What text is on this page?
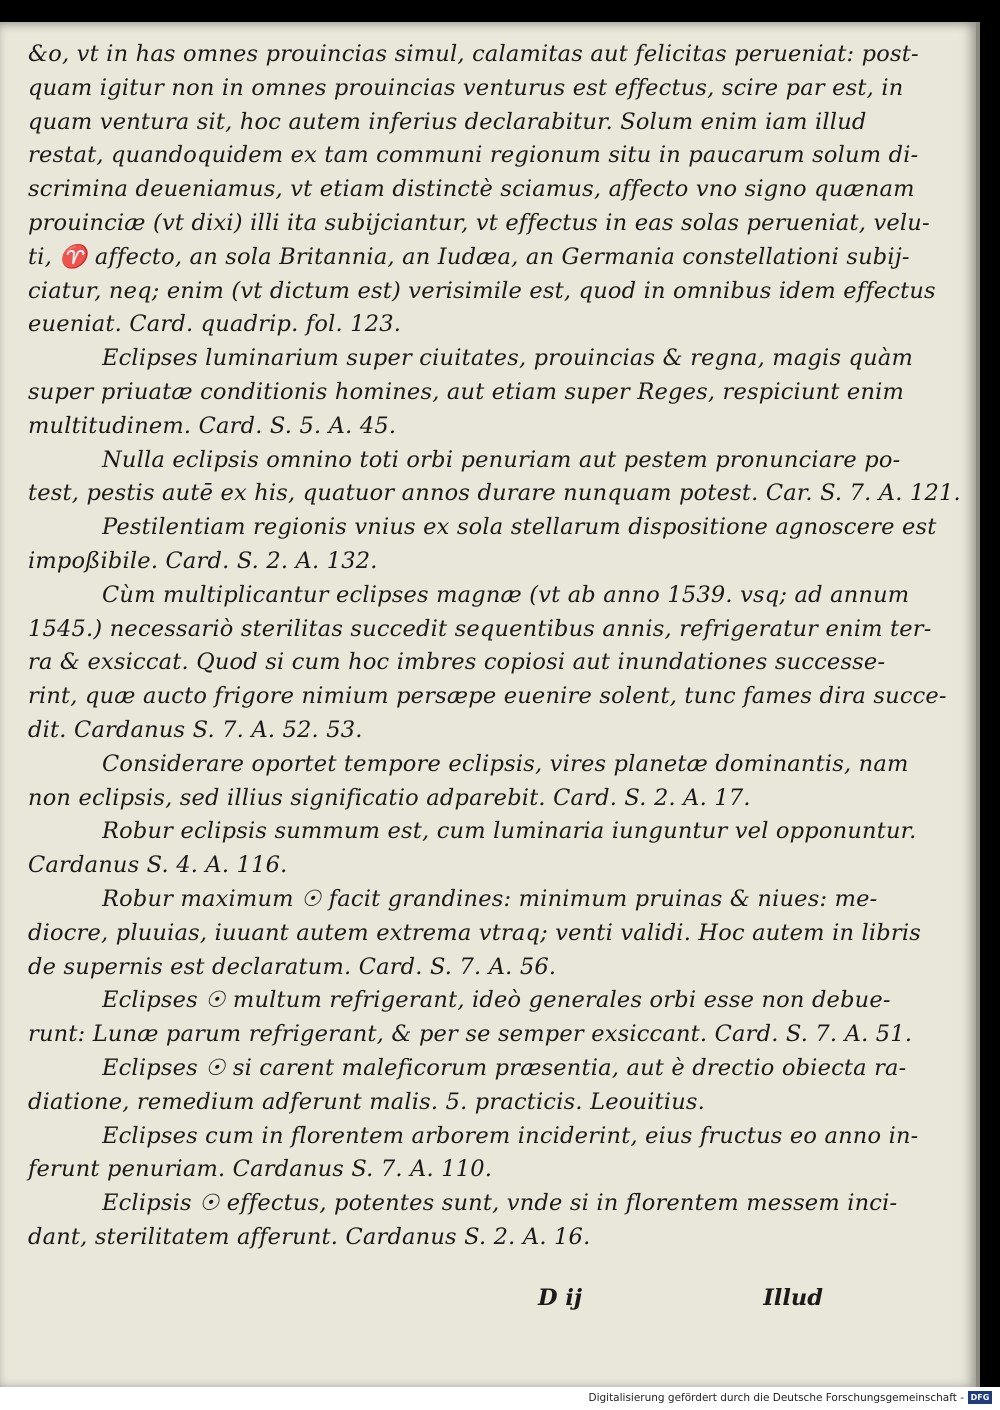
&o, vt in has omnes prouincias simul, calamitas aut felicitas perueniat: post-
quam igitur non in omnes prouincias venturus est effectus, scire par est, in
quam ventura sit, hoc autem inferius declarabitur. Solum enim iam illud
restat, quandoquidem ex tam communi regionum situ in paucarum solum di-
scrimina deueniamus, vt etiam distinctè sciamus, affecto vno signo quænam
prouinciæ (vt dixi) illi ita subijciantur, vt effectus in eas solas perueniat, velu-
ti, ♈ affecto, an sola Britannia, an Iudæa, an Germania constellationi subij-
ciatur, neq; enim (vt dictum est) verisimile est, quod in omnibus idem effectus
eueniat. Card. quadrip. fol. 123.
Eclipses luminarium super ciuitates, prouincias & regna, magis quàm
super priuatæ conditionis homines, aut etiam super Reges, respiciunt enim
multitudinem. Card. S. 5. A. 45.
Nulla eclipsis omnino toti orbi penuriam aut pestem pronunciare po-
test, pestis autē ex his, quatuor annos durare nunquam potest. Car. S. 7. A. 121.
Pestilentiam regionis vnius ex sola stellarum dispositione agnoscere est
impoßibile. Card. S. 2. A. 132.
Cùm multiplicantur eclipses magnæ (vt ab anno 1539. vsq; ad annum
1545.) necessariò sterilitas succedit sequentibus annis, refrigeratur enim ter-
ra & exsiccat. Quod si cum hoc imbres copiosi aut inundationes successe-
rint, quæ aucto frigore nimium persæpe euenire solent, tunc fames dira succe-
dit. Cardanus S. 7. A. 52. 53.
Considerare oportet tempore eclipsis, vires planetæ dominantis, nam
non eclipsis, sed illius significatio adparebit. Card. S. 2. A. 17.
Robur eclipsis summum est, cum luminaria iunguntur vel opponuntur.
Cardanus S. 4. A. 116.
Robur maximum ☉ facit grandines: minimum pruinas & niues: me-
diocre, pluuias, iuuant autem extrema vtraq; venti validi. Hoc autem in libris
de supernis est declaratum. Card. S. 7. A. 56.
Eclipses ☉ multum refrigerant, ideò generales orbi esse non debue-
runt: Lunæ parum refrigerant, & per se semper exsiccant. Card. S. 7. A. 51.
Eclipses ☉ si carent maleficorum præsentia, aut è drectio obiecta ra-
diatione, remedium adferunt malis. 5. practicis. Leouitius.
Eclipses cum in florentem arborem inciderint, eius fructus eo anno in-
ferunt penuriam. Cardanus S. 7. A. 110.
Eclipsis ☉ effectus, potentes sunt, vnde si in florentem messem inci-
dant, sterilitatem afferunt. Cardanus S. 2. A. 16.
D ij	Illud
Digitalisierung gefördert durch die Deutsche Forschungsgemeinschaft - DFG
